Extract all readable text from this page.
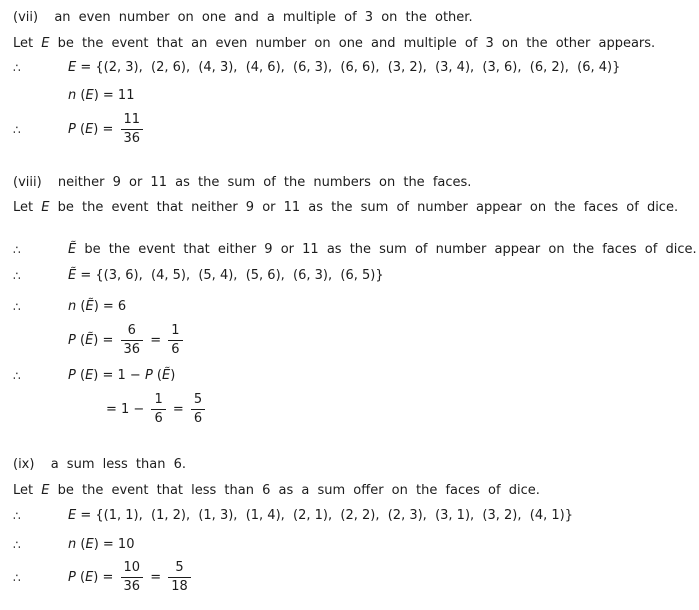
(vii)  an even number on one and a multiple of 3 on the other.
Let E be the event that an even number on one and multiple of 3 on the other appears.
∴	E = {(2, 3),  (2, 6),  (4, 3),  (4, 6),  (6, 3),  (6, 6),  (3, 2),  (3, 4),  (3, 6),  (6, 2),  (6, 4)}
n (E) = 11
∴	P $(E) = \frac{11}{36}$
(viii)  neither 9 or 11 as the sum of the numbers on the faces.
Let E be the event that neither 9 or 11 as the sum of number appear on the faces of dice.
∴	Ẽ be the event that either 9 or 11 as the sum of number appear on the faces of dice.
∴	Ẽ = {(3, 6),  (4, 5),  (5, 4),  (5, 6),  (6, 3),  (6, 5)}
∴	n (Ẽ) = 6
P (Ẽ) = $\frac{6}{36} = \frac{1}{6}$
∴	P (E) = 1 − P (Ẽ)
= $1 - \frac{1}{6} = \frac{5}{6}$
(ix)  a sum less than 6.
Let E be the event that less than 6 as a sum offer on the faces of dice.
∴	E = {(1, 1),  (1, 2),  (1, 3),  (1, 4),  (2, 1),  (2, 2),  (2, 3),  (3, 1),  (3, 2),  (4, 1)}
∴	n (E) = 10
∴	P $(E) = \frac{10}{36} = \frac{5}{18}$
